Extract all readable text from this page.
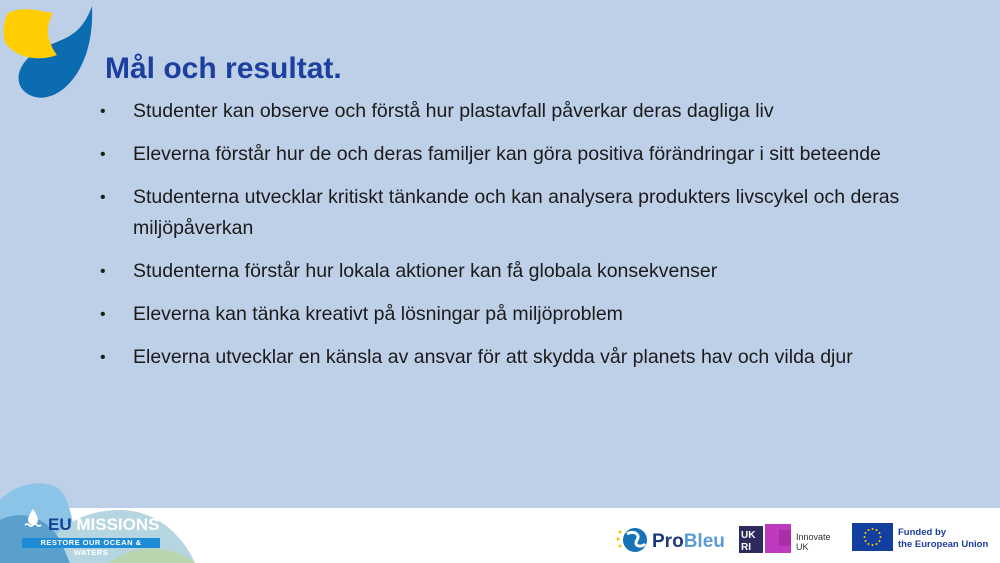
Mål och resultat.
• Studenter kan observe och förstå hur plastavfall påverkar deras dagliga liv
• Eleverna förstår hur de och deras familjer kan göra positiva förändringar i sitt beteende
• Studenterna utvecklar kritiskt tänkande och kan analysera produkters livscykel och deras miljöpåverkan
• Studenterna förstår hur lokala aktioner kan få globala konsekvenser
• Eleverna kan tänka kreativt på lösningar på miljöproblem
• Eleverna utvecklar en känsla av ansvar för att skydda vår planets hav och vilda djur
EU MISSIONS
RESTORE OUR OCEAN & WATERS
ProBleu UK
RI
Innovate
UK
Funded by
the European Union
